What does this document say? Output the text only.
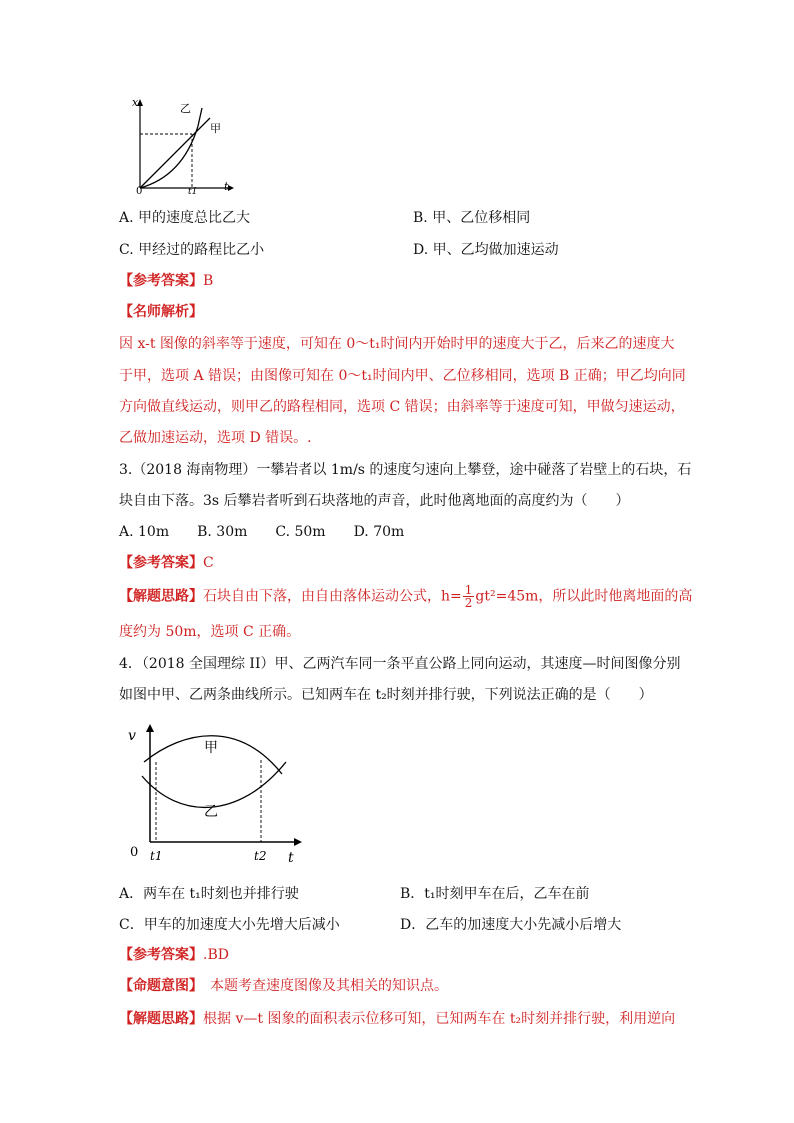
x
t
0	t1
乙
甲
A. 甲的速度总比乙大	B. 甲、乙位移相同
C. 甲经过的路程比乙小	D. 甲、乙均做加速运动
【参考答案】B
【名师解析】
因 x-t 图像的斜率等于速度，可知在 0～t₁时间内开始时甲的速度大于乙，后来乙的速度大
于甲，选项 A 错误；由图像可知在 0～t₁时间内甲、乙位移相同，选项 B 正确；甲乙均向同
方向做直线运动，则甲乙的路程相同，选项 C 错误；由斜率等于速度可知，甲做匀速运动，
乙做加速运动，选项 D 错误。.
3.（2018 海南物理）一攀岩者以 1m/s 的速度匀速向上攀登，途中碰落了岩壁上的石块，石
块自由下落。3s 后攀岩者听到石块落地的声音，此时他离地面的高度约为（　　）
A. 10m　　B. 30m　　C. 50m　　D. 70m
【参考答案】C
【解题思路】石块自由下落，由自由落体运动公式，$h= \frac{1}{2} gt^2=45m$，所以此时他离地面的高
度约为 50m，选项 C 正确。
4．（2018 全国理综 II）甲、乙两汽车同一条平直公路上同向运动，其速度—时间图像分别
如图中甲、乙两条曲线所示。已知两车在 t₂时刻并排行驶，下列说法正确的是（　　）
v
t
0 t1	t2
甲
乙
A．两车在 t₁时刻也并排行驶	B．t₁时刻甲车在后，乙车在前
C．甲车的加速度大小先增大后减小	D．乙车的加速度大小先减小后增大
【参考答案】.BD
【命题意图】　本题考查速度图像及其相关的知识点。
【解题思路】根据 v—t 图象的面积表示位移可知，已知两车在 t₂时刻并排行驶，利用逆向
